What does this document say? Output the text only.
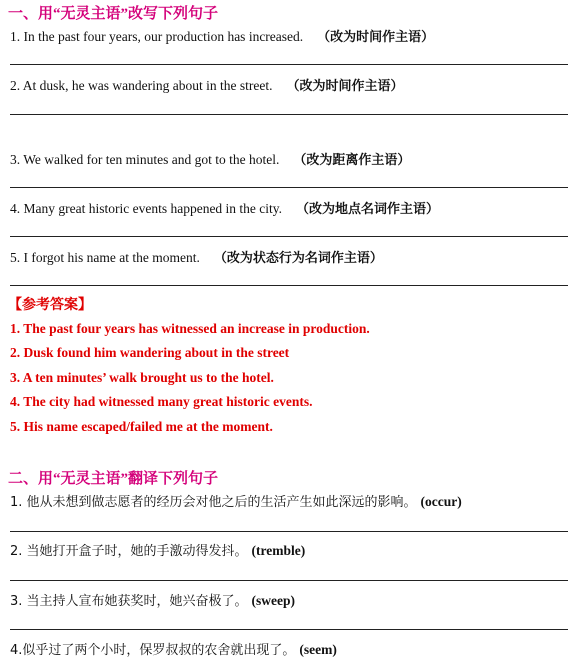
一、用“无灵主语”改写下列句子
1. In the past four years, our production has increased. （改为时间作主语）
2. At dusk, he was wandering about in the street. （改为时间作主语）
3. We walked for ten minutes and got to the hotel. （改为距离作主语）
4. Many great historic events happened in the city. （改为地点名词作主语）
5. I forgot his name at the moment. （改为状态行为名词作主语）
【参考答案】
1. The past four years has witnessed an increase in production.
2. Dusk found him wandering about in the street
3. A ten minutes’ walk brought us to the hotel.
4. The city had witnessed many great historic events.
5. His name escaped/failed me at the moment.
二、用“无灵主语”翻译下列句子
1. 他从未想到做志愿者的经历会对他之后的生活产生如此深远的影响。 (occur)
2. 当她打开盒子时，她的手激动得发抖。 (tremble)
3. 当主持人宣布她获奖时，她兴奋极了。 (sweep)
4.似乎过了两个小时，保罗叔叔的农舍就出现了。 (seem)
